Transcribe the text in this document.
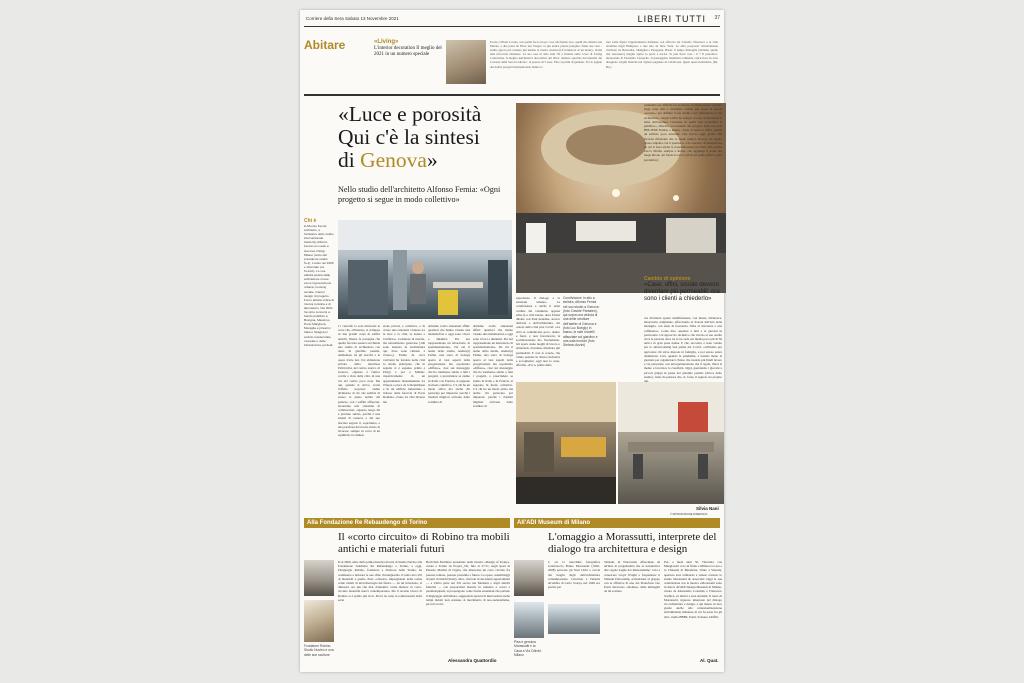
Corriere della Sera Sabato 13 Novembre 2021	LIBERI TUTTI 37
Abitare	«Living»
L'interior decoration Il meglio del 2021 in un numero speciale
Ecodo, Olivier Lavoie, con quella facca un po' così, che hanno loro, quelli che abitano nel Marais, a due passi da Place des Vosges. la più antica piazza parigina. Nelle sue case -studio (giova per rendere più umana la nostra cinestesi) il fondatore di un luxury- brand ama ritrovarsi chiamare. La sua casa in stile anni '50 è firmata sulla cover di Living Collections. Il meglio dell'interior decoration del 2021: numero speciale del mensile del Corriere della Sera in edicola : al prezzo di 5 euro. Fino ai primi di gennaio. Tra le pagine dei dodici progetti internazionali, hanno la
loro bella figura l'appartamento milanese con affaccio sul Castello Sforzesco e la villa ottantina negli Hampton, e due uno da New York. Le altre proposte? Attraltamente rivisitate tra Bruxelles, Shanghai e Patagonia. Basta: il tempo dilataglie (diciamo quello che restassero) meglio aprire la porta e uscire. Si può fuori casa / 6 ? Il periodico: monorriale di Fernando Caruncho. Il paesaggista madrileno talmente capricciosi da aver disegnato origini bianche nel vigneto pugliese di Cefalicone. Quasi quasi rientriamo. (Pk. Bu.)
«Luce e porosità
Qui c'è la sintesi
di Genova»
Nello studio dell'architetto Alfonso Femia: «Ogni progetto si segue in modo collettivo»
Chi è
● Alfonso Femia architetto, è fondatore dello studio internazionale Atelier(s) Alfonso Femia con sede a Genova, Parigi, Milano (sotto dal presidente studio 5+1). L'esito nel 1995 e diventato poi 5+1AA). Le sue attività spazia dalle architetture nuove come rigenerazione urbana, housing sociale, interior design di progetto. Fra le attività critica di ricerca turistica e di laboratorio. Nel 2021 ha vinto concorsi a bando pubblico a Bologna, Massimo, Porto Marghera, Meraglia e privati in Italia e Spagna in ambito residenziale, museale e delle infrastrutture portuali.
I l cancello la solo intravede le corte che, all'interno, si sviluppa in due grandi corpi di edifici antichi. Niente fa presagire che quella facciata austera racchiuda uno studio di architettura con tanto di giardino pensile, ambientato tra gli stucchi e le opere d'arte del- l'ex abitazione privata della marchesa Pallavicini, nel centro storico di Genova. «Questo è l'unico cortile a vista della città, in una via del centro poco nota. Ma qui, quando si arriva, scatta l'effetto sorpresa: siamo all'interno di ciò che sembra di essere al piano nobile del palazzo, con i soffitti affrescati, lavoriamo una cinestina di collaboratori. «Questo luogo mi è piaciuto subito, perché è una sintesi di Genova e del suo lasciare segreto il, soprattutto, e una parafrasi del nostro modo di lavorare, sempre in cerca di un equilibrio tra dimen-
sione privata e collettiva, e di creare una relazione virtuosa tra la luce e la città, la natura e l'artificio». Celebrese di nascita, ma naturalizzato genovese (-Mi sono laureato in Architettura qui, dove sono rimasto a vivere»), Femia da circa vent'anni ha fondato nella città lo studio principale, che in seguito si è espanso prima a Parigi e poi a Milano: rispettivamente in un appartamento haussmaniano tra l'Opera e place de la République e in un edificio industriale a ridosso della ferrovia di Porta Romana. «Sono tre città diverse ma
abbiamo scelto situazioni affini: quartieri che hanno vissuto una metamorfosi e oggi sono vivaci e dinamici. Per noi rappresentano un laboratorio di sperimentazione». Da cui il nome dello studio, Atelier(s) Femia, una sorta di bottega aperta al vasi aspetti della progettazione ma soprattutto «diffuso», cioè sui messaggio che ho trasmesso subito a tutti i progetti, a prescindere se siamo in Italia o in Francia, si seguono in modo collettivo. C'è chi ha un modo attivo ma anche chi partecipa per imparare: perché i risultati migliori arrivano dallo scambio di
abbiamo scelto situazioni affini: quartieri che hanno vissuto una metamorfosi e oggi sono vivaci e dinamici. Per noi rappresentano un laboratorio di sperimentazione». Da cui il nome dello studio, Atelier(s) Femia, una sorta di bottega aperta al vasi aspetti della progettazione ma soprattutto «diffuso», cioè sui messaggio che ho trasmesso subito a tutti i progetti, a prescindere se siamo in Italia o in Francia, si seguono in modo collettivo. C'è chi ha un modo attivo ma anche chi partecipa per imparare: perché i risultati migliori arrivano dallo scambio di
esperienze. Il dialogo e le relazioni umane». La condivisione è anche il tema cardine del volumetto appena edito (La città buona, dove Femia dibatte con Paul Ardenne, storico dell'arte e dell'architettura, sul «ruolo della città post Covid: «La città se comunicano poco, dentro e fuori, e non favoriscono la socializzazione ma l'isolamento. Gli spazi, siano luoghi di lavoro o abitazioni, dovranno diventare più permeabili. E così le scuole, che vanno pensate in chiave inclusiva e accogliente: oggi non lo sono, afferma. «Ecco, prima della
Condivisione In alto a sinistra, Alfonso Femia nel suo studio a Genova (foto: Davide Pantaleo), qui sopra una veduta di una delle strutture dell'atelier di Genova e (foto Luc Boegly) in basso, le sale modelli affacciate sul giardino e una sala riunioni (foto Stefano Anzini)
pandemia era difficile far accettare ai clienti questi concetti. Oggi sono tutti a chiederli». Femia una sposo la parola «poroso»: per definire il suo studio e per sintetizzare le sue architetture. «Negli edifici ho sempre cercato di introdurre il tema dell'aperture, l'ermione in quelli non accessibili al pubblico», afferma, raccontando del progetto della sua sede BNL-BNP Paribas a Roma: «Sede di banca e uffici, quindi un edificio poco attraente. Che invece oggi, grazie alla facciata riflettente che lo rende sempre diverso, ha saputo creare empatia con il quartiere». Un concerto di integrazione su cui si basa anche la riqualificazione (in fieri) della prima Zecca d'Italia, sempre a Roma, che aggiunge il nome del luogo Brodo «in fondo la zecca già in era (unita uffici e polo produttivo)
Cambio di opinione
«Case, uffici, scuole devono diventare più permeabili: ora sono i clienti a chiederlo»
ora diventerà spazio multifunzione, con musei, biblioteca, laboratorio artigianale, affacciando la Scuola dell'arte della medaglia, con tanto di foresteria. Oltre al ristorante e una caffetteria». Come dire, aperture a tutti e ai giovani in particolare. Un approccio inclusivo che riversa al suo studio circa la persone deve tra le tre sedi, età media poco più di 30 anni e in gran parte donne. E che, racconta, e stato volano per lo smartworking ben prima del Covid: «All'inizio per agevolare chi stava metodo in famiglia, e poi esteso senza distinzioni. Così, quando la pandemia, è bastata meno ai giornata per organizzarci. Penso che avendo più fluidi lavoro e via personale, con un'organizzazione che li regoli, liberi la mente e favorisca la creatività. Oggi, guardando i giovani a piccoli gruppi in pause nel giardino pensile (chicca dello studio), viene da pensare che, sì, forse, il segreto sta proprio
Silvia Nani
© RIPRODUZIONE RISERVATA
Alla Fondazione Re Rebaudengo di Torino	All'ADI Museum di Milano
Il «corto circuito» di Robino tra mobili antichi e materiali futuri
Fondatore Robino. Studio Nucleo e una delle sue sculture
D al 2009, anno della prima massiva mostra di Studio Nucleo alla Fondazione Sandretto Re Rebaudengo a Torino, a oggi, Piergiorgio Robino, fondatore e direttore dello Studio, ha continuato a lanciare le sue sfide d'avanguardia. Il tema dei cicli di materiali e quello d'uso «classici» impregionati nella resina come cimeli di un'archeologia del futuro — da lui introdotto, si dimostra ora più che mai d'attualità: come mettere in corto-circuito materiali nuovi contemporaneo. Ma il recente lavoro di Robino si è spinto più in là. Prova ne sono le realizzazioni della serie
Bovivlam Furniture presentate nella mostra «Design of Today», curata a Torino da Project_TO, fino al 27/11, negli spazi di Palazzo Martini di Cigala, che innescano un corto circuito fra passato remoto, passato prossimo e futuro. Le opere, assemblaggi di parti di mobili liberty, déco, ritrovati in decadenti appartamenti — e d'altra parte nel XX secolo nei Madsetti e dagli antichi futuristi — con proporzioni inserite in cemento a colori e parallelepipedi, si propongono come forme essenziali che parlano il linguaggio dell'abitare, suggerendo ipotesi di innovazioni anche tempi indotti non estranee al movimento di neo-razionalismo, piccoli scorci.
Alessandra Quattordio
L'omaggio a Morassutti, interprete del dialogo tra architettura e design
Pisa e genuina Morassutti e la Casa a Via Cilindri. Milano
C on la macchina fotografica sottobraccio Bruno Morassutti (1920-2008) percorse gli Stati Uniti a caccia dei luoghi degli dell'architettura contemporanea. Cresciuto a Venezia all'ombra di Carlo Scarpa, nel 1949 era partito per
Taliesin, in Wisconsin, affascinato da un'idea di progettualità che si sostanziava alle regole traghe del Razionalismo: vola a conoscere Lloyd Wright e frequentare il Taliesin Fellowship, arrivandone al gruppo con le affiorive di uno dei Pianoforte Gio Ponti attraverso «Domus» delle immagini da lui scattate.
Poi, a metà anni 50, l'incontro con Mangiarotti con cui firmo a Milano la Casa e lo Chiesetti di Baranzate. Vanto a Venezia, apertura area lombarda a venete consolo lo studio Morassutti & Associati: Oggi la sua celebrazione con la mostra «Morassutti sono in dieci» all'ADI Design Museum di Milano, curata da Alessandro Colombo e Francesco Scullica, ex allievi e suoi studenti. Il ruolo di Morassutti, rigoroso interprete del dialogo tra architettura e design, a qui messo in luce grazie anche alla contestualizzazione nell'ambiente milanese di cui fu parte fra gli altri, studio BBPR, Ponti, Sottsass, Defflic.
Al. Quat.
